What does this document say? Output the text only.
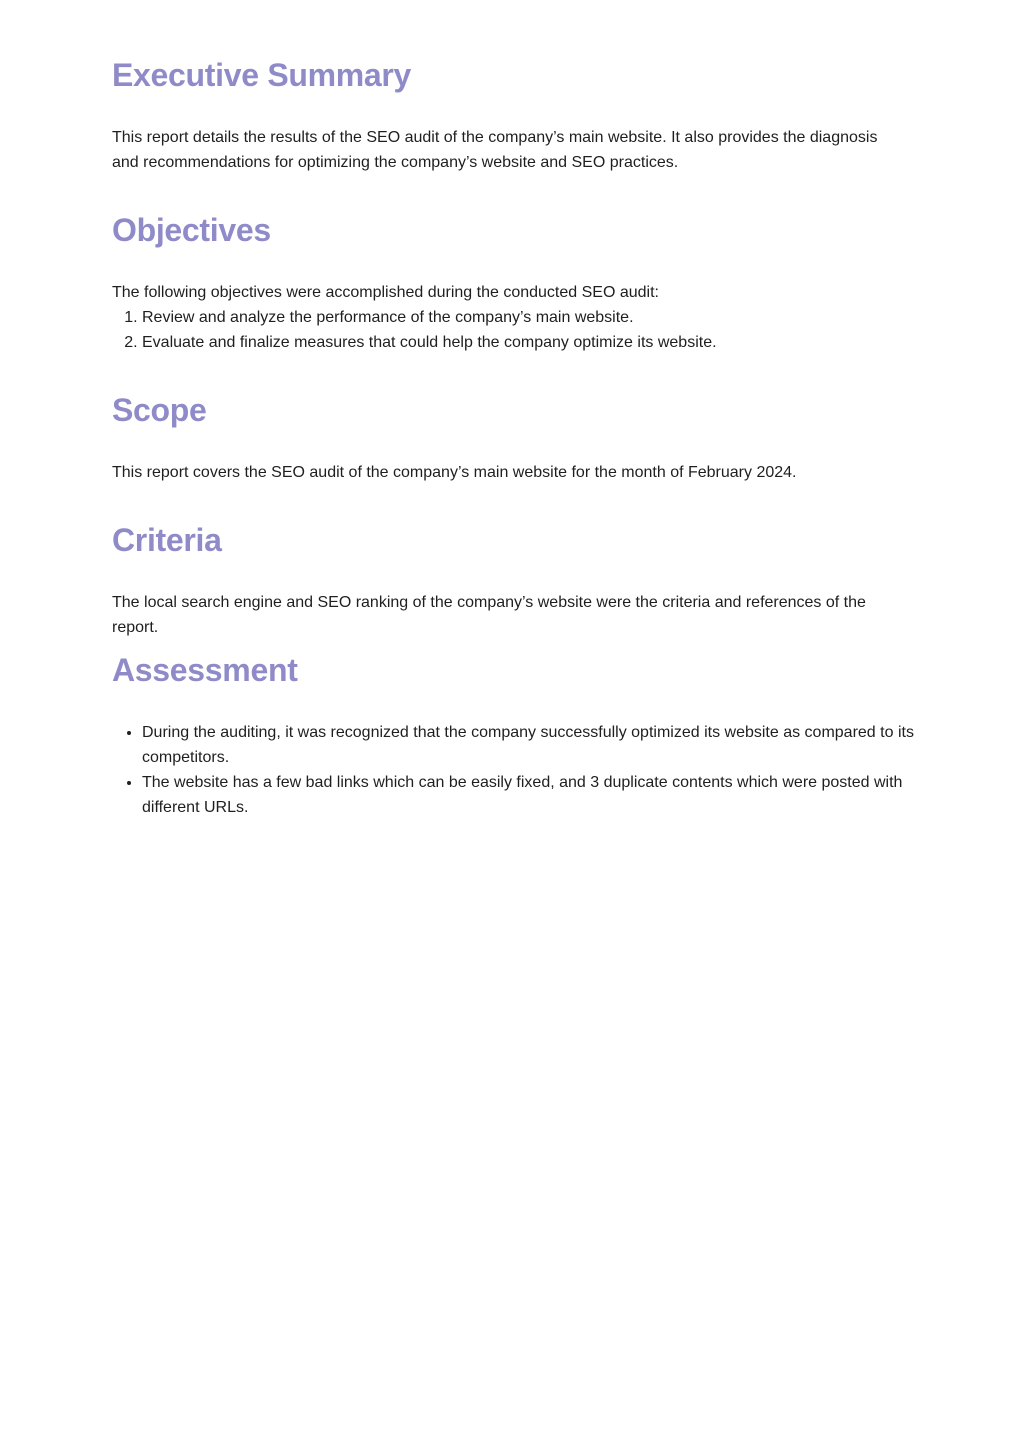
Executive Summary

This report details the results of the SEO audit of the company’s main website. It also provides the diagnosis and recommendations for optimizing the company’s website and SEO practices.

Objectives

The following objectives were accomplished during the conducted SEO audit:

1. Review and analyze the performance of the company’s main website.
2. Evaluate and finalize measures that could help the company optimize its website.
Scope

This report covers the SEO audit of the company’s main website for the month of February 2024.

Criteria

The local search engine and SEO ranking of the company’s website were the criteria and references of the report.

Assessment
• During the auditing, it was recognized that the company successfully optimized its website as compared to its competitors.
• The website has a few bad links which can be easily fixed, and 3 duplicate contents which were posted with different URLs.
